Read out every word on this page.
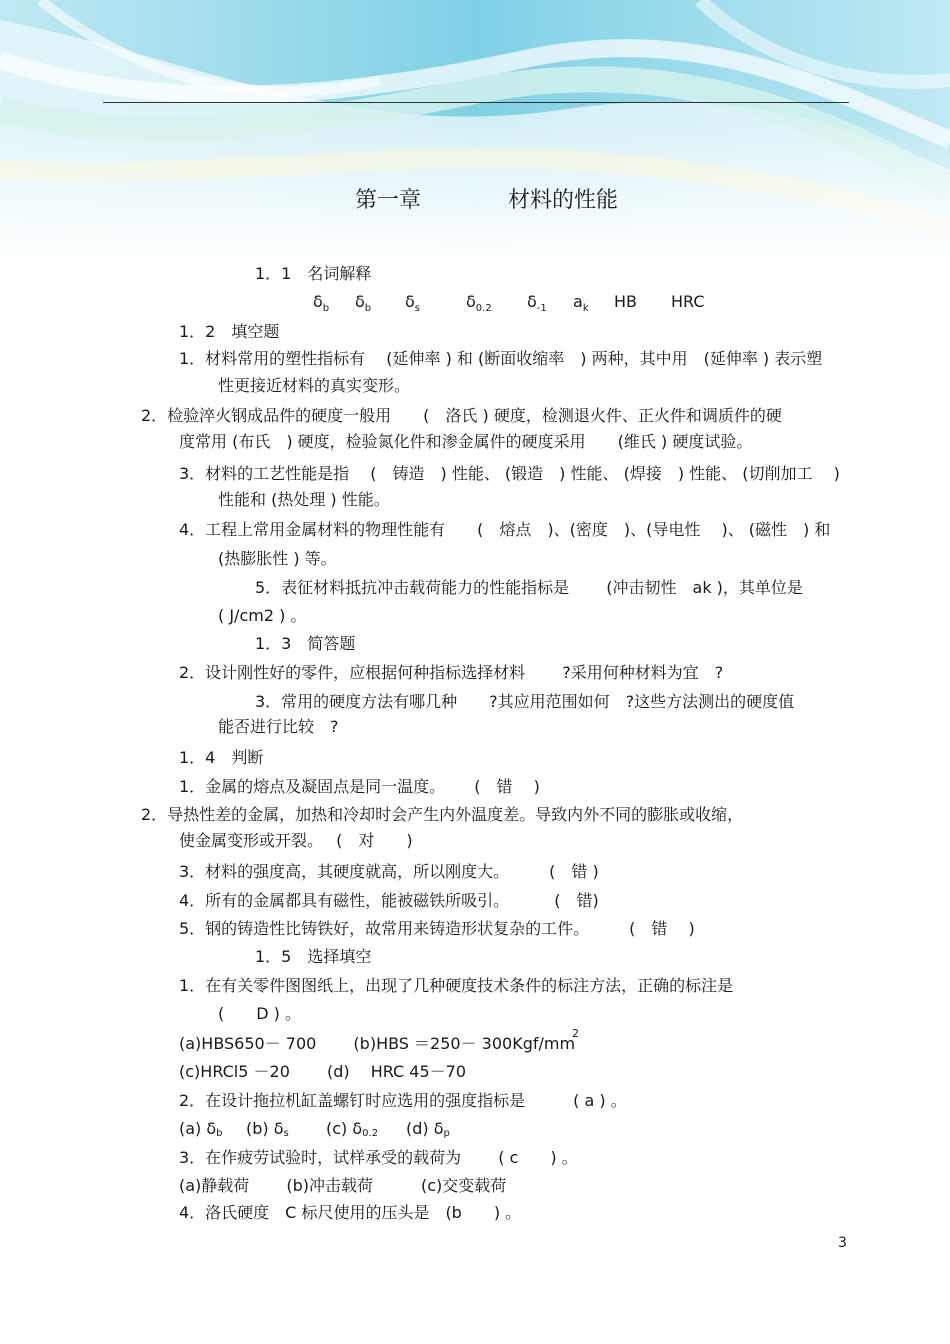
第一章	材料的性能
1．1　名词解释
$\delta_b$ $\delta_b$ $\delta_s$	$\delta_{0.2}$ $\delta_{-1}$ $a_k$ HB HRC
1．2　填空题
1．材料常用的塑性指标有　 (延伸率 ) 和 (断面收缩率　) 两种，其中用　(延伸率 ) 表示塑
性更接近材料的真实变形。
2．检验淬火钢成品件的硬度一般用　　(　洛氏 ) 硬度，检测退火件、正火件和调质件的硬
度常用 (布氏　) 硬度，检验氮化件和渗金属件的硬度采用　　(维氏 ) 硬度试验。
3．材料的工艺性能是指　 (　铸造　) 性能、 (锻造　) 性能、 (焊接　) 性能、 (切削加工　 )
性能和 (热处理 ) 性能。
4．工程上常用金属材料的物理性能有　　(　熔点　)、(密度　)、(导电性　 )、 (磁性　) 和
(热膨胀性 ) 等。
5．表征材料抵抗冲击载荷能力的性能指标是　　 (冲击韧性　ak )，其单位是
( J/cm2 ) 。
1．3　简答题
2．设计刚性好的零件，应根据何种指标选择材料　　 ?采用何种材料为宜　?
3．常用的硬度方法有哪几种　　?其应用范围如何　?这些方法测出的硬度值
能否进行比较　?
1．4　判断
1．金属的熔点及凝固点是同一温度。　　 (　错　 )
2．导热性差的金属，加热和冷却时会产生内外温度差。导致内外不同的膨胀或收缩，
使金属变形或开裂。　 (　对　　)
3．材料的强度高，其硬度就高，所以刚度大。　　　(　错 )
4．所有的金属都具有磁性，能被磁铁所吸引。　　　 (　错)
5．钢的铸造性比铸铁好，故常用来铸造形状复杂的工件。　　　(　错　 )
1．5　选择填空
1．在有关零件图图纸上，出现了几种硬度技术条件的标注方法，正确的标注是
(　　D ) 。
(a)HBS650－ 700　　 (b)HBS ＝250－ 300Kgf/mm
2
(c)HRCl5 －20　　 (d)　 HRC 45－70
2．在设计拖拉机缸盖螺钉时应选用的强度指标是　　　( a ) 。
(a) $\delta_b$ (b) $\delta_s$ (c) $\delta_{0.2}$ (d) $\delta_p$
3．在作疲劳试验时，试样承受的载荷为　　 ( c　　) 。
(a)静载荷　　 (b)冲击载荷　　　(c)交变载荷
4．洛氏硬度　C 标尺使用的压头是　(b　　) 。
3
